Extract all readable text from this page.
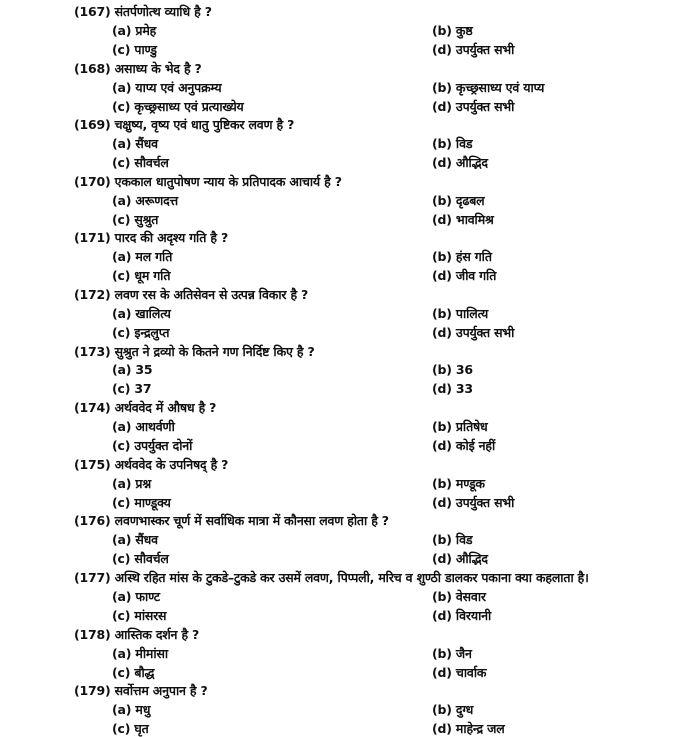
(167) संतर्पणोत्थ व्याधि है ?
(a) प्रमेह	(b) कुष्ठ
(c) पाण्डु	(d) उपर्युक्त सभी
(168) असाध्य के भेद है ?
(a) याप्य एवं अनुपक्रम्य	(b) कृच्छ्रसाध्य एवं याप्य
(c) कृच्छ्रसाध्य एवं प्रत्याख्येय	(d) उपर्युक्त सभी
(169) चक्षुष्य, वृष्य एवं धातु पुष्टिकर लवण है ?
(a) सैंधव	(b) विड
(c) सौवर्चल	(d) औद्भिद
(170) एककाल धातुपोषण न्याय के प्रतिपादक आचार्य है ?
(a) अरूणदत्त	(b) दृढबल
(c) सुश्रुत	(d) भावमिश्र
(171) पारद की अदृश्य गति है ?
(a) मल गति	(b) हंस गति
(c) धूम गति	(d) जीव गति
(172) लवण रस के अतिसेवन से उत्पन्न विकार है ?
(a) खालित्य	(b) पालित्य
(c) इन्द्रलुप्त	(d) उपर्युक्त सभी
(173) सुश्रुत ने द्रव्यो के कितने गण निर्दिष्ट किए है ?
(a) 35	(b) 36
(c) 37	(d) 33
(174) अर्थववेद में औषध है ?
(a) आथर्वणी	(b) प्रतिषेध
(c) उपर्युक्त दोनों	(d) कोई नहीं
(175) अर्थववेद के उपनिषद् है ?
(a) प्रश्न	(b) मण्डूक
(c) माण्डूक्य	(d) उपर्युक्त सभी
(176) लवणभास्कर चूर्ण में सर्वाधिक मात्रा में कौनसा लवण होता है ?
(a) सैंधव	(b) विड
(c) सौवर्चल	(d) औद्भिद
(177) अस्थि रहित मांस के टुकडे–टुकडे कर उसमें लवण, पिप्पली, मरिच व शुण्ठी डालकर पकाना क्या कहलाता है।
(a) फाण्ट	(b) वेसवार
(c) मांसरस	(d) विरयानी
(178) आस्तिक दर्शन है ?
(a) मीमांसा	(b) जैन
(c) बौद्ध	(d) चार्वाक
(179) सर्वोत्तम अनुपान है ?
(a) मधु	(b) दुग्ध
(c) घृत	(d) माहेन्द्र जल
